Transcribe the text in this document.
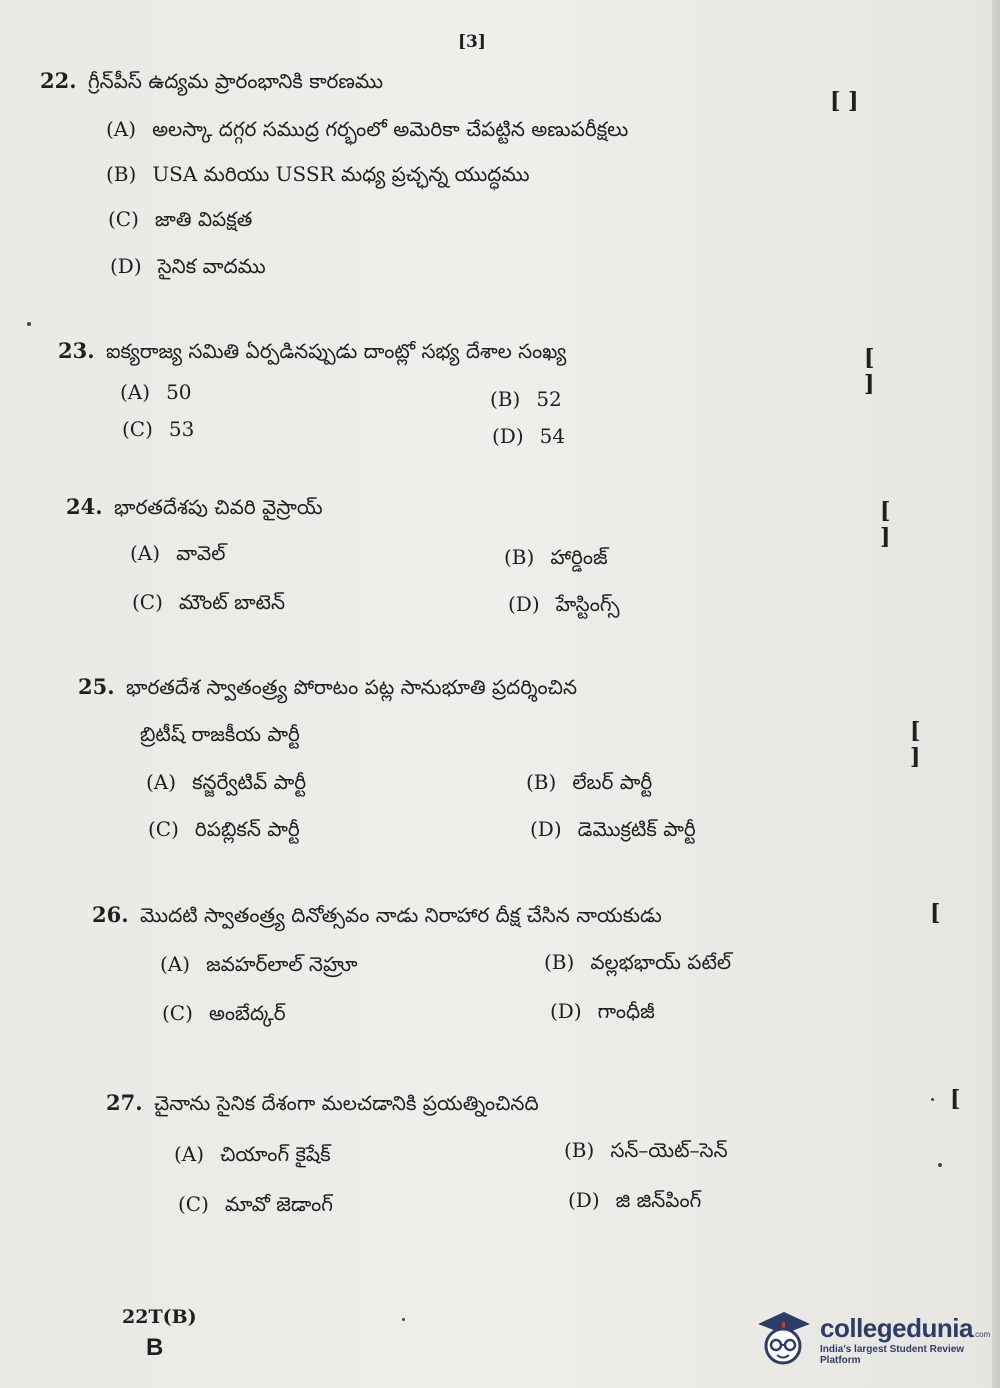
[3]
22. గ్రీన్‌పీస్ ఉద్యమ ప్రారంభానికి కారణము
[ ]
(A) అలస్కా దగ్గర సముద్ర గర్భంలో అమెరికా చేపట్టిన అణుపరీక్షలు
(B) USA మరియు USSR మధ్య ప్రచ్ఛన్న యుద్ధము
(C) జాతి విపక్షత
(D) సైనిక వాదము
23. ఐక్యరాజ్య సమితి ఏర్పడినప్పుడు దాంట్లో సభ్య దేశాల సంఖ్య	[ ]
(A) 50	(B) 52
(C) 53	(D) 54
24. భారతదేశపు చివరి వైస్రాయ్	[ ]
(A) వావెల్	(B) హార్డింజ్
(C) మౌంట్ బాటెన్	(D) హేస్టింగ్స్
25. భారతదేశ స్వాతంత్ర్య పోరాటం పట్ల సానుభూతి ప్రదర్శించిన
బ్రిటీష్ రాజకీయ పార్టీ	[ ]
(A) కన్జర్వేటివ్ పార్టీ	(B) లేబర్ పార్టీ
(C) రిపబ్లికన్ పార్టీ	(D) డెమొక్రటిక్ పార్టీ
26. మొదటి స్వాతంత్ర్య దినోత్సవం నాడు నిరాహార దీక్ష చేసిన నాయకుడు	[
(A) జవహర్‌లాల్ నెహ్రూ	(B) వల్లభభాయ్ పటేల్
(C) అంబేద్కర్	(D) గాంధీజీ
27. చైనాను సైనిక దేశంగా మలచడానికి ప్రయత్నించినది	[
(A) చియాంగ్ కైషేక్	(B) సన్–యెట్–సెన్
(C) మావో జెడాంగ్	(D) జి జిన్‌పింగ్
22T(B)
B
collegedunia.com
India's largest Student Review Platform
